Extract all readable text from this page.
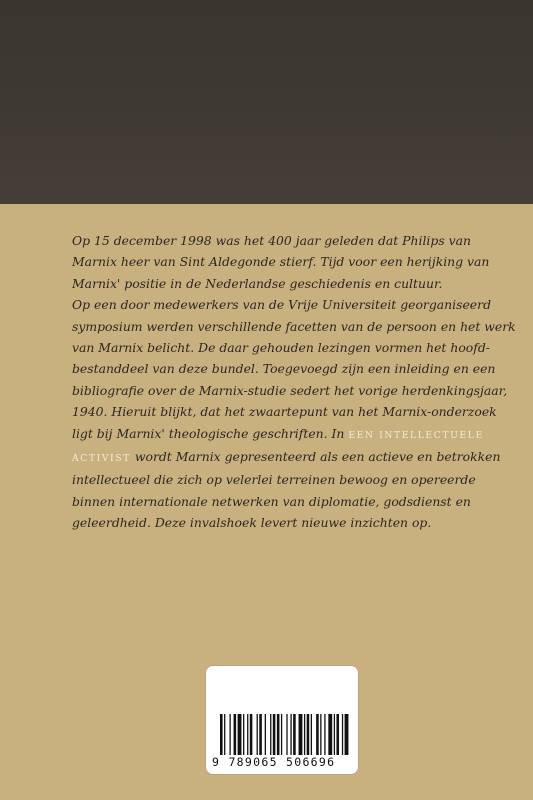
Op 15 december 1998 was het 400 jaar geleden dat Philips van
Marnix heer van Sint Aldegonde stierf. Tijd voor een herijking van
Marnix' positie in de Nederlandse geschiedenis en cultuur.

Op een door medewerkers van de Vrije Universiteit georganiseerd
symposium werden verschillende facetten van de persoon en het werk
van Marnix belicht. De daar gehouden lezingen vormen het hoofd-
bestanddeel van deze bundel. Toegevoegd zijn een inleiding en een
bibliografie over de Marnix-studie sedert het vorige herdenkingsjaar,
1940. Hieruit blijkt, dat het zwaartepunt van het Marnix-onderzoek
ligt bij Marnix' theologische geschriften. In EEN INTELLECTUELE
ACTIVIST wordt Marnix gepresenteerd als een actieve en betrokken
intellectueel die zich op velerlei terreinen bewoog en opereerde
binnen internationale netwerken van diplomatie, godsdienst en
geleerdheid. Deze invalshoek levert nieuwe inzichten op.

9 789065 506696
